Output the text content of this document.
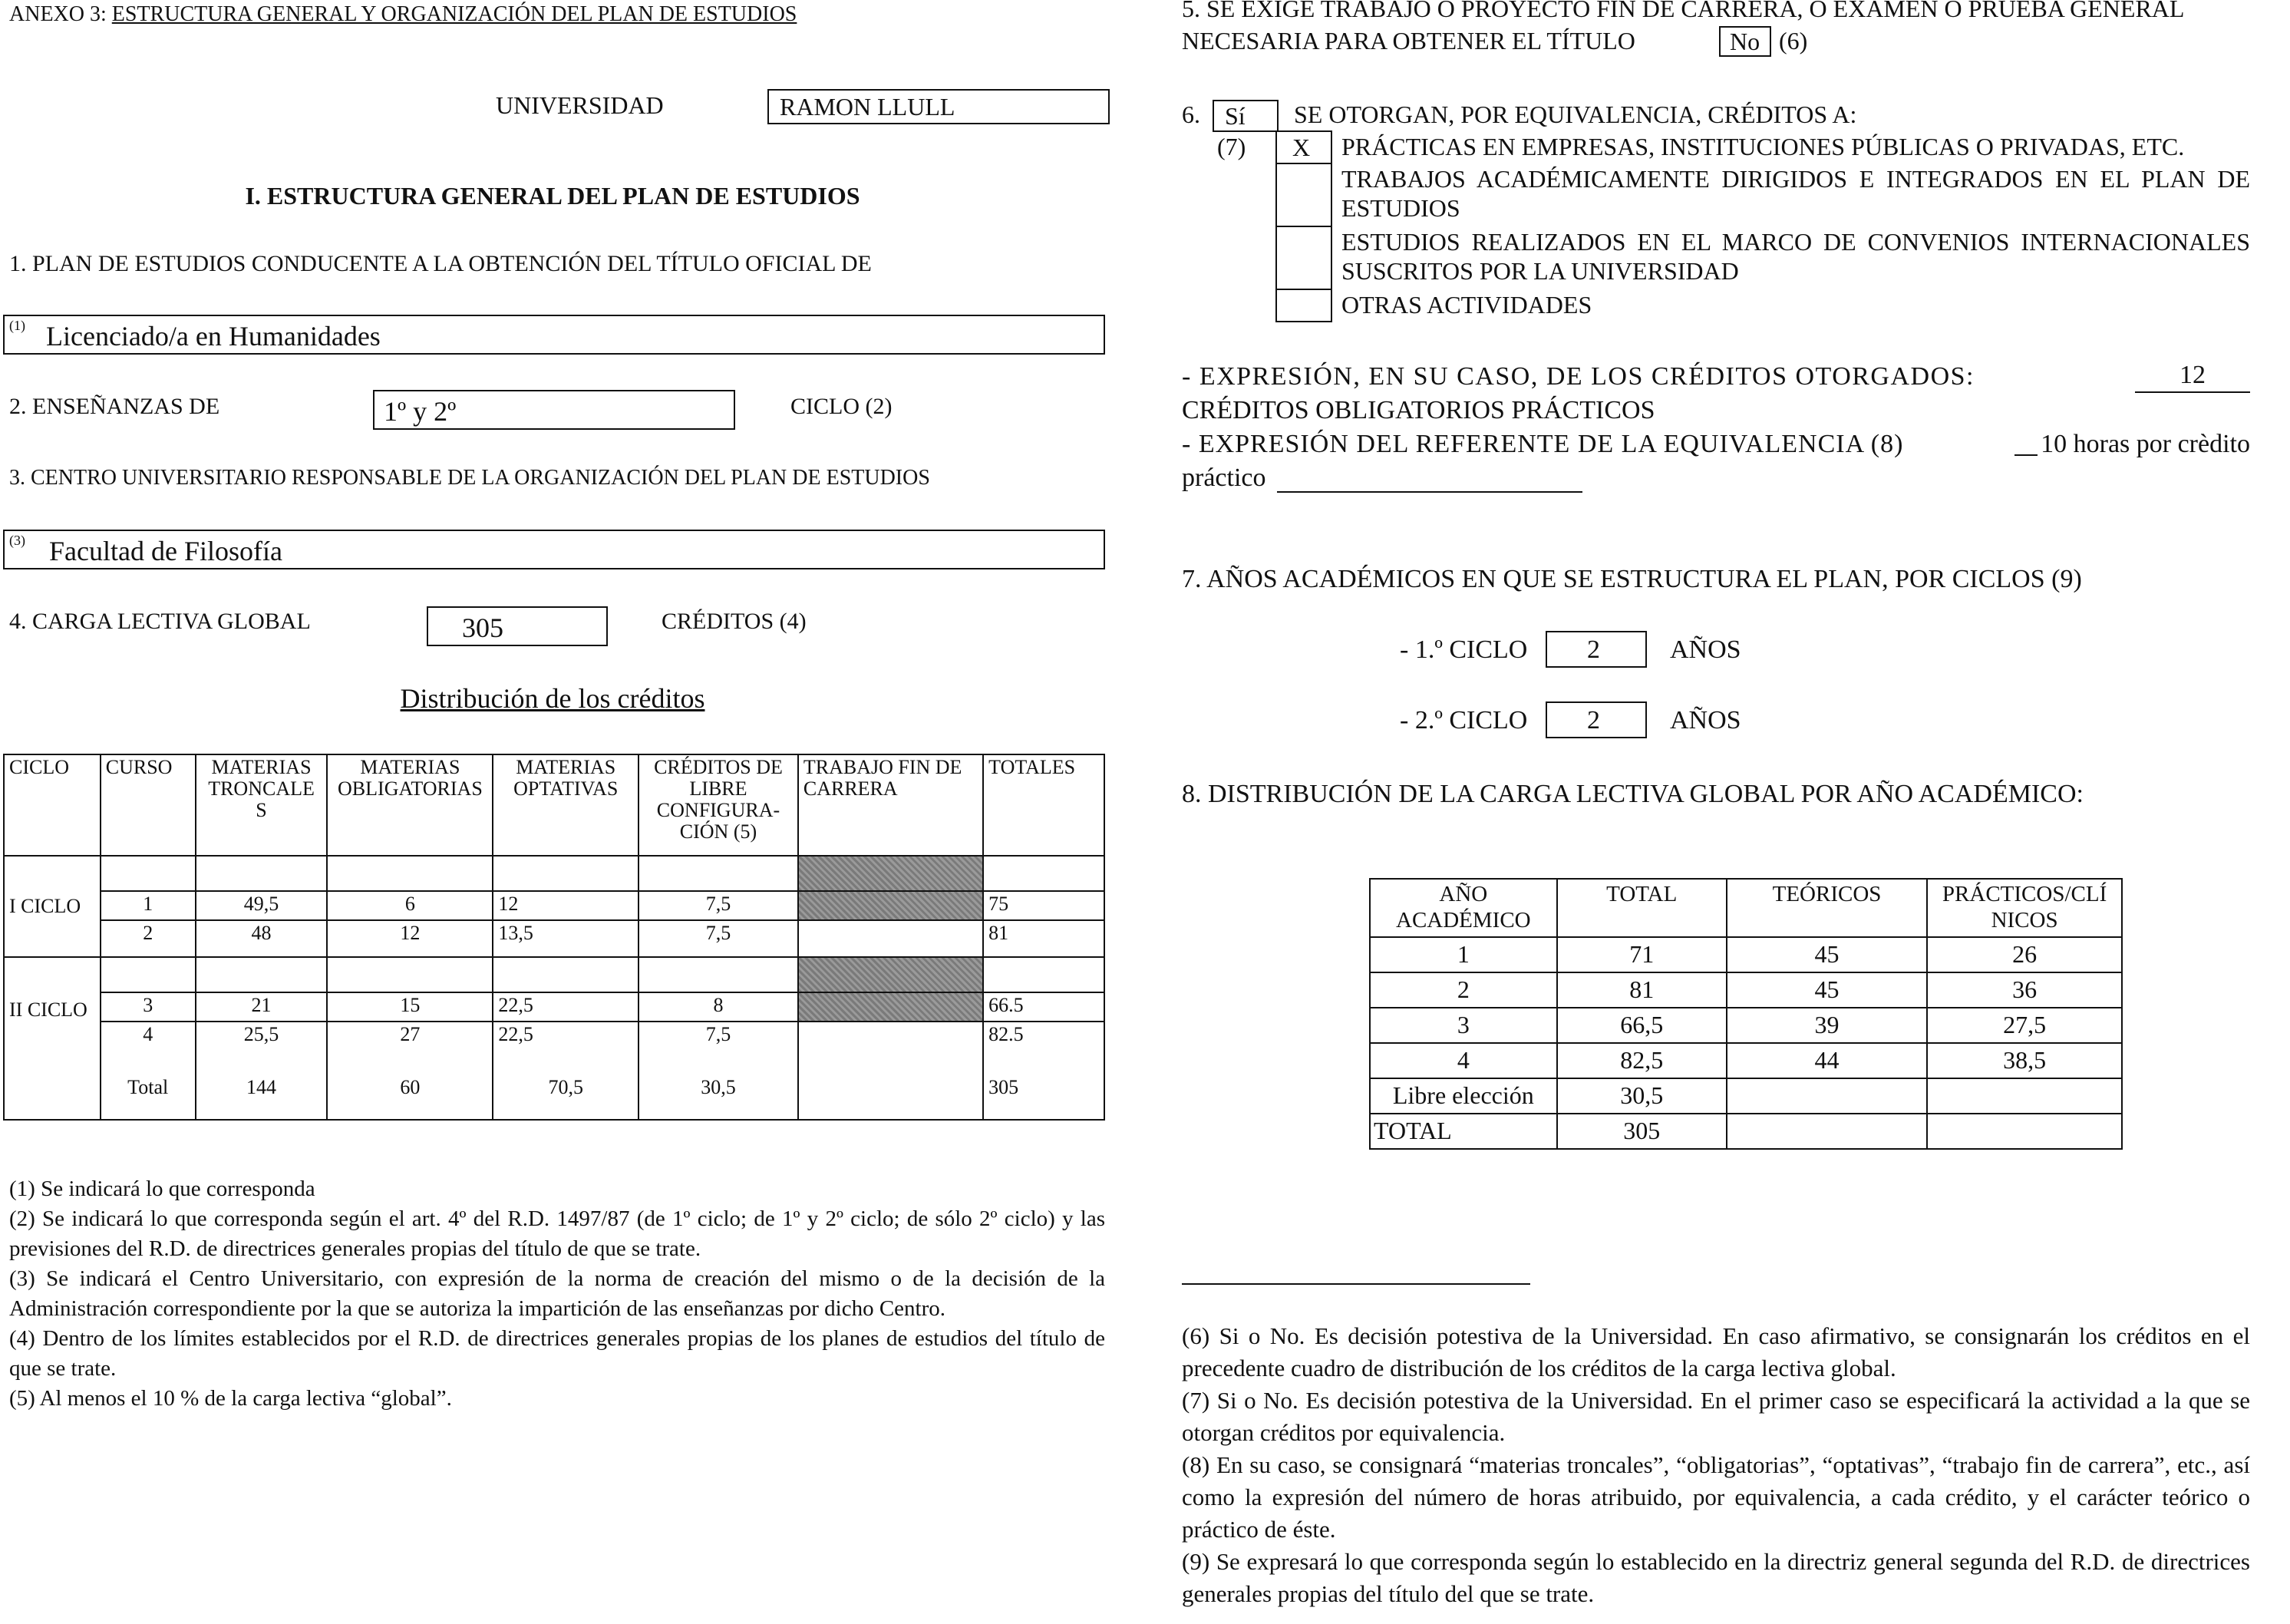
ANEXO 3: ESTRUCTURA GENERAL Y ORGANIZACIÓN DEL PLAN DE ESTUDIOS
UNIVERSIDAD	RAMON LLULL
I. ESTRUCTURA GENERAL DEL PLAN DE ESTUDIOS
1. PLAN DE ESTUDIOS CONDUCENTE A LA OBTENCIÓN DEL TÍTULO OFICIAL DE
(1) Licenciado/a en Humanidades
2. ENSEÑANZAS DE	1º y 2º	CICLO (2)
3. CENTRO UNIVERSITARIO RESPONSABLE DE LA ORGANIZACIÓN DEL PLAN DE ESTUDIOS
(3) Facultad de Filosofía
4. CARGA LECTIVA GLOBAL	305	CRÉDITOS (4)
Distribución de los créditos
CICLO	CURSO	MATERIAS TRONCALE S	MATERIAS OBLIGATORIAS	MATERIAS OPTATIVAS	CRÉDITOS DE LIBRE CONFIGURA- CIÓN (5)	TRABAJO FIN DE CARRERA	TOTALES
I CICLO							
	1	49,5	6	12	7,5		75
	2	48	12	13,5	7,5		81
II CICLO							
	3	21	15	22,5	8		66.5
	4	25,5	27	22,5	7,5		82.5
	Total	144	60	70,5	30,5		305
(1) Se indicará lo que corresponda
(2) Se indicará lo que corresponda según el art. 4º del R.D. 1497/87 (de 1º ciclo; de 1º y 2º ciclo; de sólo 2º ciclo) y las previsiones del R.D. de directrices generales propias del título de que se trate.
(3) Se indicará el Centro Universitario, con expresión de la norma de creación del mismo o de la decisión de la Administración correspondiente por la que se autoriza la impartición de las enseñanzas por dicho Centro.
(4) Dentro de los límites establecidos por el R.D. de directrices generales propias de los planes de estudios del título de que se trate.
(5) Al menos el 10 % de la carga lectiva “global”.
5. SE EXIGE TRABAJO O PROYECTO FIN DE CARRERA, O EXAMEN O PRUEBA GENERAL
NECESARIA PARA OBTENER EL TÍTULO	No (6)
6. Sí SE OTORGAN, POR EQUIVALENCIA, CRÉDITOS A:
(7) X PRÁCTICAS EN EMPRESAS, INSTITUCIONES PÚBLICAS O PRIVADAS, ETC.
TRABAJOS ACADÉMICAMENTE DIRIGIDOS E INTEGRADOS EN EL PLAN DE ESTUDIOS
ESTUDIOS REALIZADOS EN EL MARCO DE CONVENIOS INTERNACIONALES SUSCRITOS POR LA UNIVERSIDAD
OTRAS ACTIVIDADES
- EXPRESIÓN, EN SU CASO, DE LOS CRÉDITOS OTORGADOS:	12
CRÉDITOS OBLIGATORIOS PRÁCTICOS
- EXPRESIÓN DEL REFERENTE DE LA EQUIVALENCIA (8)	10 horas por crèdito
práctico
7. AÑOS ACADÉMICOS EN QUE SE ESTRUCTURA EL PLAN, POR CICLOS (9)
- 1.º CICLO 2	AÑOS
- 2.º CICLO 2	AÑOS
8. DISTRIBUCIÓN DE LA CARGA LECTIVA GLOBAL POR AÑO ACADÉMICO:
AÑO ACADÉMICO	TOTAL	TEÓRICOS	PRÁCTICOS/CLÍ NICOS
1	71	45	26
2	81	45	36
3	66,5	39	27,5
4	82,5	44	38,5
Libre elección	30,5		
TOTAL	305		
(6) Si o No. Es decisión potestiva de la Universidad. En caso afirmativo, se consignarán los créditos en el precedente cuadro de distribución de los créditos de la carga lectiva global.
(7) Si o No. Es decisión potestiva de la Universidad. En el primer caso se especificará la actividad a la que se otorgan créditos por equivalencia.
(8) En su caso, se consignará “materias troncales”, “obligatorias”, “optativas”, “trabajo fin de carrera”, etc., así como la expresión del número de horas atribuido, por equivalencia, a cada crédito, y el carácter teórico o práctico de éste.
(9) Se expresará lo que corresponda según lo establecido en la directriz general segunda del R.D. de directrices generales propias del título del que se trate.
